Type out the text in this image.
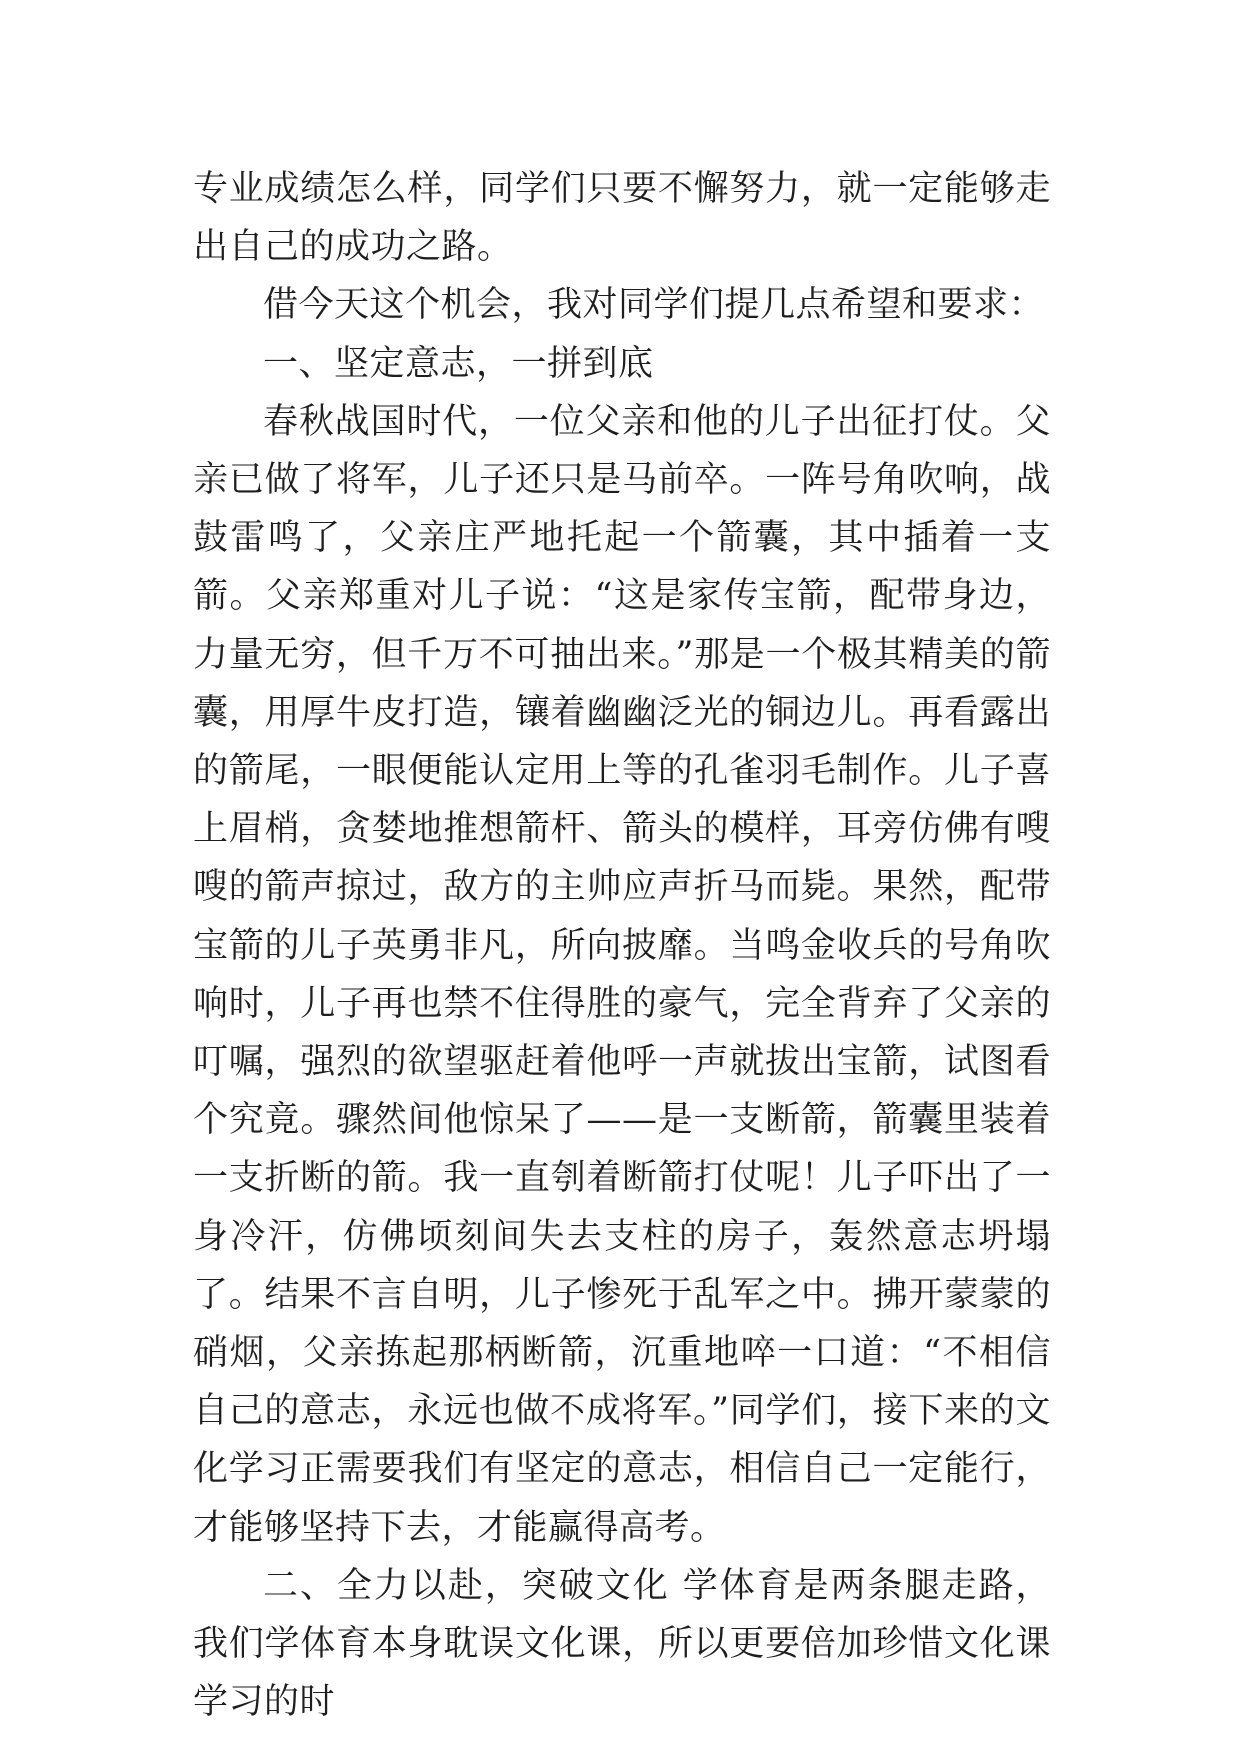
专业成绩怎么样，同学们只要不懈努力，就一定能够走出自己的成功之路。

借今天这个机会，我对同学们提几点希望和要求：

一、坚定意志，一拼到底

春秋战国时代，一位父亲和他的儿子出征打仗。父亲已做了将军，儿子还只是马前卒。一阵号角吹响，战鼓雷鸣了，父亲庄严地托起一个箭囊，其中插着一支箭。父亲郑重对儿子说：“这是家传宝箭，配带身边，力量无穷，但千万不可抽出来。”那是一个极其精美的箭囊，用厚牛皮打造，镶着幽幽泛光的铜边儿。再看露出的箭尾，一眼便能认定用上等的孔雀羽毛制作。儿子喜上眉梢，贪婪地推想箭杆、箭头的模样，耳旁仿佛有嗖嗖的箭声掠过，敌方的主帅应声折马而毙。果然，配带宝箭的儿子英勇非凡，所向披靡。当鸣金收兵的号角吹响时，儿子再也禁不住得胜的豪气，完全背弃了父亲的叮嘱，强烈的欲望驱赶着他呼一声就拔出宝箭，试图看个究竟。骤然间他惊呆了——是一支断箭，箭囊里装着一支折断的箭。我一直刳着断箭打仗呢！儿子吓出了一身冷汗，仿佛顷刻间失去支柱的房子，轰然意志坍塌了。结果不言自明，儿子惨死于乱军之中。拂开蒙蒙的硝烟，父亲拣起那柄断箭，沉重地啐一口道：“不相信自己的意志，永远也做不成将军。”同学们，接下来的文化学习正需要我们有坚定的意志，相信自己一定能行，才能够坚持下去，才能赢得高考。

二、全力以赴，突破文化 学体育是两条腿走路，我们学体育本身耽误文化课，所以更要倍加珍惜文化课学习的时
